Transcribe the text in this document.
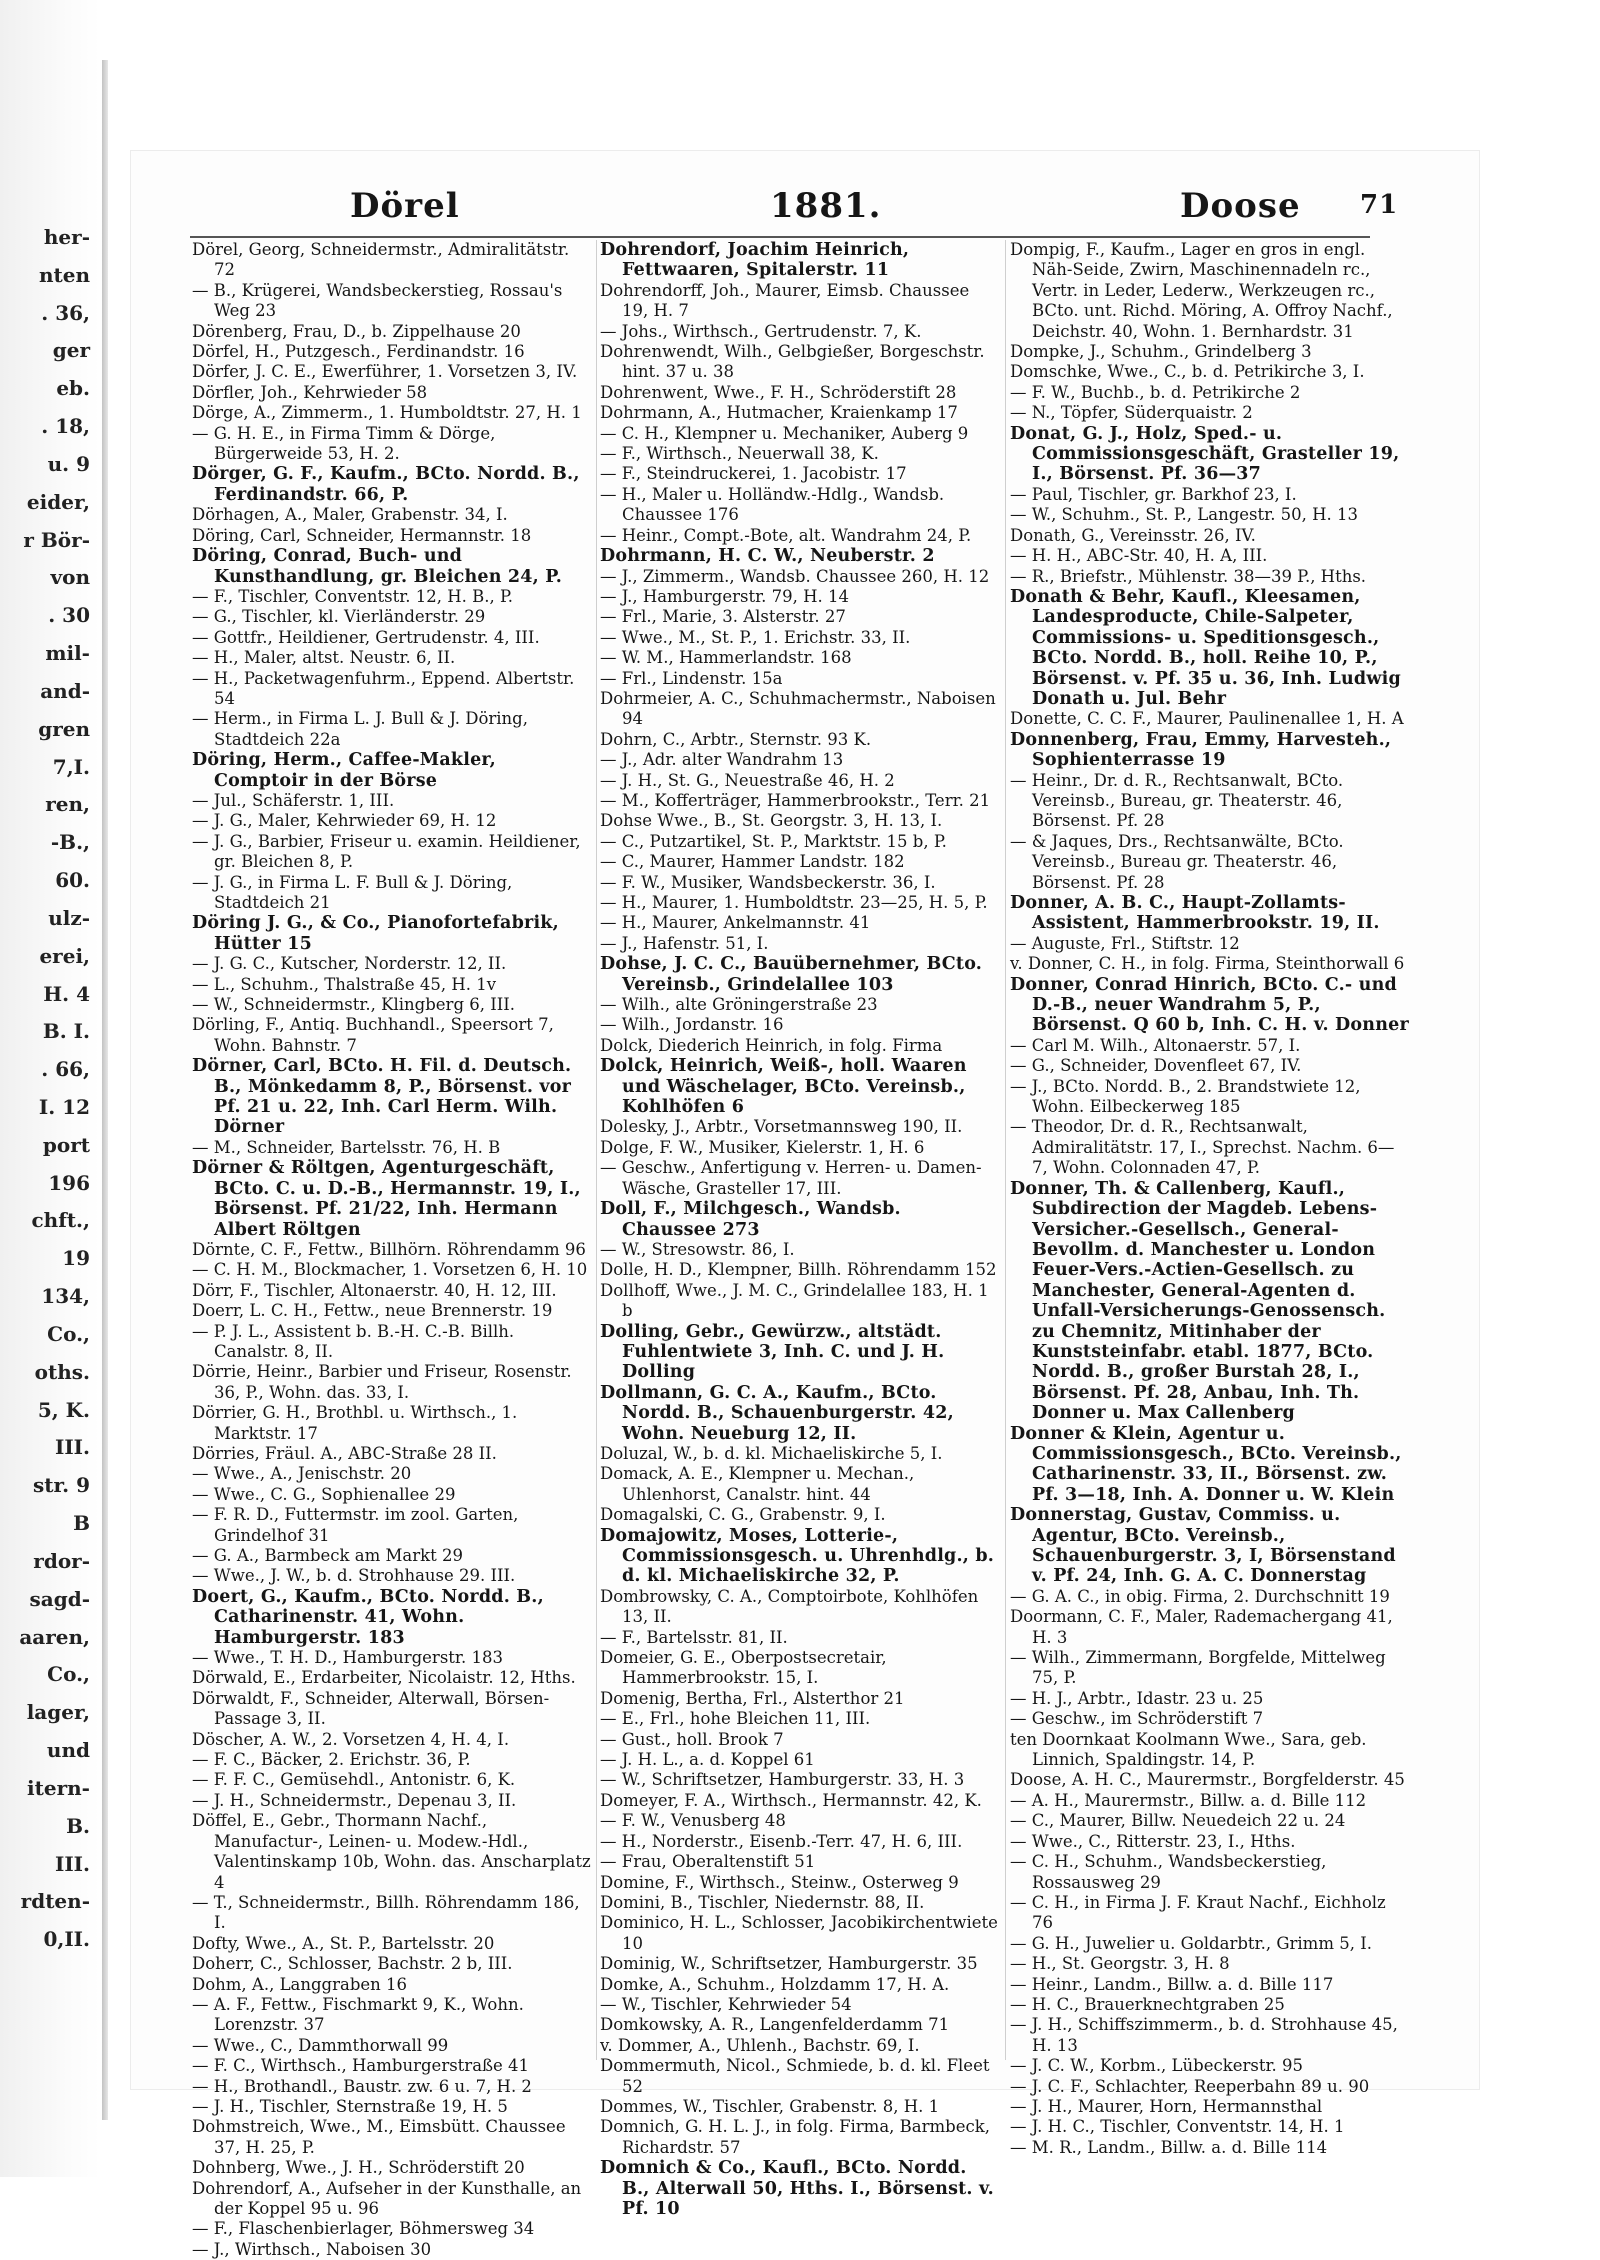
her-
nten
. 36,
ger
eb.
. 18,
u. 9
eider,
r Bör-
von
. 30
mil-
and-
gren
7,I.
ren,
-B.,
60.
ulz-
erei,
H. 4
B. I.
. 66,
I. 12
port
196
chft.,
19
134,
Co.,
oths.
5, K.
III.
str. 9
B
rdor-
sagd-
aaren,
Co.,
lager,
und
itern-
B.
III.
rdten-
0,II.
Dörel	1881.	Doose 71
Dörel, Georg, Schneidermstr., Admiralitätstr. 72
— B., Krügerei, Wandsbeckerstieg, Rossau's Weg 23
Dörenberg, Frau, D., b. Zippelhause 20
Dörfel, H., Putzgesch., Ferdinandstr. 16
Dörfer, J. C. E., Ewerführer, 1. Vorsetzen 3, IV.
Dörfler, Joh., Kehrwieder 58
Dörge, A., Zimmerm., 1. Humboldtstr. 27, H. 1
— G. H. E., in Firma Timm & Dörge, Bürgerweide 53, H. 2.
Dörger, G. F., Kaufm., BCto. Nordd. B., Ferdinandstr. 66, P.
Dörhagen, A., Maler, Grabenstr. 34, I.
Döring, Carl, Schneider, Hermannstr. 18
Döring, Conrad, Buch- und Kunsthandlung, gr. Bleichen 24, P.
— F., Tischler, Conventstr. 12, H. B., P.
— G., Tischler, kl. Vierländerstr. 29
— Gottfr., Heildiener, Gertrudenstr. 4, III.
— H., Maler, altst. Neustr. 6, II.
— H., Packetwagenfuhrm., Eppend. Albertstr. 54
— Herm., in Firma L. J. Bull & J. Döring, Stadtdeich 22a
Döring, Herm., Caffee-Makler, Comptoir in der Börse
— Jul., Schäferstr. 1, III.
— J. G., Maler, Kehrwieder 69, H. 12
— J. G., Barbier, Friseur u. examin. Heildiener, gr. Bleichen 8, P.
— J. G., in Firma L. F. Bull & J. Döring, Stadtdeich 21
Döring J. G., & Co., Pianofortefabrik, Hütter 15
— J. G. C., Kutscher, Norderstr. 12, II.
— L., Schuhm., Thalstraße 45, H. 1v
— W., Schneidermstr., Klingberg 6, III.
Dörling, F., Antiq. Buchhandl., Speersort 7, Wohn. Bahnstr. 7
Dörner, Carl, BCto. H. Fil. d. Deutsch. B., Mönkedamm 8, P., Börsenst. vor Pf. 21 u. 22, Inh. Carl Herm. Wilh. Dörner
— M., Schneider, Bartelsstr. 76, H. B
Dörner & Röltgen, Agenturgeschäft, BCto. C. u. D.-B., Hermannstr. 19, I., Börsenst. Pf. 21/22, Inh. Hermann Albert Röltgen
Dörnte, C. F., Fettw., Billhörn. Röhrendamm 96
— C. H. M., Blockmacher, 1. Vorsetzen 6, H. 10
Dörr, F., Tischler, Altonaerstr. 40, H. 12, III.
Doerr, L. C. H., Fettw., neue Brennerstr. 19
— P. J. L., Assistent b. B.-H. C.-B. Billh. Canalstr. 8, II.
Dörrie, Heinr., Barbier und Friseur, Rosenstr. 36, P., Wohn. das. 33, I.
Dörrier, G. H., Brothbl. u. Wirthsch., 1. Marktstr. 17
Dörries, Fräul. A., ABC-Straße 28 II.
— Wwe., A., Jenischstr. 20
— Wwe., C. G., Sophienallee 29
— F. R. D., Futtermstr. im zool. Garten, Grindelhof 31
— G. A., Barmbeck am Markt 29
— Wwe., J. W., b. d. Strohhause 29. III.
Doert, G., Kaufm., BCto. Nordd. B., Catharinenstr. 41, Wohn. Hamburgerstr. 183
— Wwe., T. H. D., Hamburgerstr. 183
Dörwald, E., Erdarbeiter, Nicolaistr. 12, Hths.
Dörwaldt, F., Schneider, Alterwall, Börsen-Passage 3, II.
Döscher, A. W., 2. Vorsetzen 4, H. 4, I.
— F. C., Bäcker, 2. Erichstr. 36, P.
— F. F. C., Gemüsehdl., Antonistr. 6, K.
— J. H., Schneidermstr., Depenau 3, II.
Döffel, E., Gebr., Thormann Nachf., Manufactur-, Leinen- u. Modew.-Hdl., Valentinskamp 10b, Wohn. das. Anscharplatz 4
— T., Schneidermstr., Billh. Röhrendamm 186, I.
Dofty, Wwe., A., St. P., Bartelsstr. 20
Doherr, C., Schlosser, Bachstr. 2 b, III.
Dohm, A., Langgraben 16
— A. F., Fettw., Fischmarkt 9, K., Wohn. Lorenzstr. 37
— Wwe., C., Dammthorwall 99
— F. C., Wirthsch., Hamburgerstraße 41
— H., Brothandl., Baustr. zw. 6 u. 7, H. 2
— J. H., Tischler, Sternstraße 19, H. 5
Dohmstreich, Wwe., M., Eimsbütt. Chaussee 37, H. 25, P.
Dohnberg, Wwe., J. H., Schröderstift 20
Dohrendorf, A., Aufseher in der Kunsthalle, an der Koppel 95 u. 96
— F., Flaschenbierlager, Böhmersweg 34
— J., Wirthsch., Naboisen 30
Dohrendorf, Joachim Heinrich, Fettwaaren, Spitalerstr. 11
Dohrendorff, Joh., Maurer, Eimsb. Chaussee 19, H. 7
— Johs., Wirthsch., Gertrudenstr. 7, K.
Dohrenwendt, Wilh., Gelbgießer, Borgeschstr. hint. 37 u. 38
Dohrenwent, Wwe., F. H., Schröderstift 28
Dohrmann, A., Hutmacher, Kraienkamp 17
— C. H., Klempner u. Mechaniker, Auberg 9
— F., Wirthsch., Neuerwall 38, K.
— F., Steindruckerei, 1. Jacobistr. 17
— H., Maler u. Holländw.-Hdlg., Wandsb. Chaussee 176
— Heinr., Compt.-Bote, alt. Wandrahm 24, P.
Dohrmann, H. C. W., Neuberstr. 2
— J., Zimmerm., Wandsb. Chaussee 260, H. 12
— J., Hamburgerstr. 79, H. 14
— Frl., Marie, 3. Alsterstr. 27
— Wwe., M., St. P., 1. Erichstr. 33, II.
— W. M., Hammerlandstr. 168
— Frl., Lindenstr. 15a
Dohrmeier, A. C., Schuhmachermstr., Naboisen 94
Dohrn, C., Arbtr., Sternstr. 93 K.
— J., Adr. alter Wandrahm 13
— J. H., St. G., Neuestraße 46, H. 2
— M., Kofferträger, Hammerbrookstr., Terr. 21
Dohse Wwe., B., St. Georgstr. 3, H. 13, I.
— C., Putzartikel, St. P., Marktstr. 15 b, P.
— C., Maurer, Hammer Landstr. 182
— F. W., Musiker, Wandsbeckerstr. 36, I.
— H., Maurer, 1. Humboldtstr. 23—25, H. 5, P.
— H., Maurer, Ankelmannstr. 41
— J., Hafenstr. 51, I.
Dohse, J. C. C., Bauübernehmer, BCto. Vereinsb., Grindelallee 103
— Wilh., alte Gröningerstraße 23
— Wilh., Jordanstr. 16
Dolck, Diederich Heinrich, in folg. Firma
Dolck, Heinrich, Weiß-, holl. Waaren und Wäschelager, BCto. Vereinsb., Kohlhöfen 6
Dolesky, J., Arbtr., Vorsetmannsweg 190, II.
Dolge, F. W., Musiker, Kielerstr. 1, H. 6
— Geschw., Anfertigung v. Herren- u. Damen-Wäsche, Grasteller 17, III.
Doll, F., Milchgesch., Wandsb. Chaussee 273
— W., Stresowstr. 86, I.
Dolle, H. D., Klempner, Billh. Röhrendamm 152
Dollhoff, Wwe., J. M. C., Grindelallee 183, H. 1 b
Dolling, Gebr., Gewürzw., altstädt. Fuhlentwiete 3, Inh. C. und J. H. Dolling
Dollmann, G. C. A., Kaufm., BCto. Nordd. B., Schauenburgerstr. 42, Wohn. Neueburg 12, II.
Doluzal, W., b. d. kl. Michaeliskirche 5, I.
Domack, A. E., Klempner u. Mechan., Uhlenhorst, Canalstr. hint. 44
Domagalski, C. G., Grabenstr. 9, I.
Domajowitz, Moses, Lotterie-, Commissionsgesch. u. Uhrenhdlg., b. d. kl. Michaeliskirche 32, P.
Dombrowsky, C. A., Comptoirbote, Kohlhöfen 13, II.
— F., Bartelsstr. 81, II.
Domeier, G. E., Oberpostsecretair, Hammerbrookstr. 15, I.
Domenig, Bertha, Frl., Alsterthor 21
— E., Frl., hohe Bleichen 11, III.
— Gust., holl. Brook 7
— J. H. L., a. d. Koppel 61
— W., Schriftsetzer, Hamburgerstr. 33, H. 3
Domeyer, F. A., Wirthsch., Hermannstr. 42, K.
— F. W., Venusberg 48
— H., Norderstr., Eisenb.-Terr. 47, H. 6, III.
— Frau, Oberaltenstift 51
Domine, F., Wirthsch., Steinw., Osterweg 9
Domini, B., Tischler, Niedernstr. 88, II.
Dominico, H. L., Schlosser, Jacobikirchentwiete 10
Dominig, W., Schriftsetzer, Hamburgerstr. 35
Domke, A., Schuhm., Holzdamm 17, H. A.
— W., Tischler, Kehrwieder 54
Domkowsky, A. R., Langenfelderdamm 71
v. Dommer, A., Uhlenh., Bachstr. 69, I.
Dommermuth, Nicol., Schmiede, b. d. kl. Fleet 52
Dommes, W., Tischler, Grabenstr. 8, H. 1
Domnich, G. H. L. J., in folg. Firma, Barmbeck, Richardstr. 57
Domnich & Co., Kaufl., BCto. Nordd. B., Alterwall 50, Hths. I., Börsenst. v. Pf. 10
Dompig, F., Kaufm., Lager en gros in engl. Näh-Seide, Zwirn, Maschinennadeln rc., Vertr. in Leder, Lederw., Werkzeugen rc., BCto. unt. Richd. Möring, A. Offroy Nachf., Deichstr. 40, Wohn. 1. Bernhardstr. 31
Dompke, J., Schuhm., Grindelberg 3
Domschke, Wwe., C., b. d. Petrikirche 3, I.
— F. W., Buchb., b. d. Petrikirche 2
— N., Töpfer, Süderquaistr. 2
Donat, G. J., Holz, Sped.- u. Commissionsgeschäft, Grasteller 19, I., Börsenst. Pf. 36—37
— Paul, Tischler, gr. Barkhof 23, I.
— W., Schuhm., St. P., Langestr. 50, H. 13
Donath, G., Vereinsstr. 26, IV.
— H. H., ABC-Str. 40, H. A, III.
— R., Briefstr., Mühlenstr. 38—39 P., Hths.
Donath & Behr, Kaufl., Kleesamen, Landesproducte, Chile-Salpeter, Commissions- u. Speditionsgesch., BCto. Nordd. B., holl. Reihe 10, P., Börsenst. v. Pf. 35 u. 36, Inh. Ludwig Donath u. Jul. Behr
Donette, C. C. F., Maurer, Paulinenallee 1, H. A
Donnenberg, Frau, Emmy, Harvesteh., Sophienterrasse 19
— Heinr., Dr. d. R., Rechtsanwalt, BCto. Vereinsb., Bureau, gr. Theaterstr. 46, Börsenst. Pf. 28
— & Jaques, Drs., Rechtsanwälte, BCto. Vereinsb., Bureau gr. Theaterstr. 46, Börsenst. Pf. 28
Donner, A. B. C., Haupt-Zollamts-Assistent, Hammerbrookstr. 19, II.
— Auguste, Frl., Stiftstr. 12
v. Donner, C. H., in folg. Firma, Steinthorwall 6
Donner, Conrad Hinrich, BCto. C.- und D.-B., neuer Wandrahm 5, P., Börsenst. Q 60 b, Inh. C. H. v. Donner
— Carl M. Wilh., Altonaerstr. 57, I.
— G., Schneider, Dovenfleet 67, IV.
— J., BCto. Nordd. B., 2. Brandstwiete 12, Wohn. Eilbeckerweg 185
— Theodor, Dr. d. R., Rechtsanwalt, Admiralitätstr. 17, I., Sprechst. Nachm. 6—7, Wohn. Colonnaden 47, P.
Donner, Th. & Callenberg, Kaufl., Subdirection der Magdeb. Lebens-Versicher.-Gesellsch., General-Bevollm. d. Manchester u. London Feuer-Vers.-Actien-Gesellsch. zu Manchester, General-Agenten d. Unfall-Versicherungs-Genossensch. zu Chemnitz, Mitinhaber der Kunststeinfabr. etabl. 1877, BCto. Nordd. B., großer Burstah 28, I., Börsenst. Pf. 28, Anbau, Inh. Th. Donner u. Max Callenberg
Donner & Klein, Agentur u. Commissionsgesch., BCto. Vereinsb., Catharinenstr. 33, II., Börsenst. zw. Pf. 3—18, Inh. A. Donner u. W. Klein
Donnerstag, Gustav, Commiss. u. Agentur, BCto. Vereinsb., Schauenburgerstr. 3, I, Börsenstand v. Pf. 24, Inh. G. A. C. Donnerstag
— G. A. C., in obig. Firma, 2. Durchschnitt 19
Doormann, C. F., Maler, Rademachergang 41, H. 3
— Wilh., Zimmermann, Borgfelde, Mittelweg 75, P.
— H. J., Arbtr., Idastr. 23 u. 25
— Geschw., im Schröderstift 7
ten Doornkaat Koolmann Wwe., Sara, geb. Linnich, Spaldingstr. 14, P.
Doose, A. H. C., Maurermstr., Borgfelderstr. 45
— A. H., Maurermstr., Billw. a. d. Bille 112
— C., Maurer, Billw. Neuedeich 22 u. 24
— Wwe., C., Ritterstr. 23, I., Hths.
— C. H., Schuhm., Wandsbeckerstieg, Rossausweg 29
— C. H., in Firma J. F. Kraut Nachf., Eichholz 76
— G. H., Juwelier u. Goldarbtr., Grimm 5, I.
— H., St. Georgstr. 3, H. 8
— Heinr., Landm., Billw. a. d. Bille 117
— H. C., Brauerknechtgraben 25
— J. H., Schiffszimmerm., b. d. Strohhause 45, H. 13
— J. C. W., Korbm., Lübeckerstr. 95
— J. C. F., Schlachter, Reeperbahn 89 u. 90
— J. H., Maurer, Horn, Hermannsthal
— J. H. C., Tischler, Conventstr. 14, H. 1
— M. R., Landm., Billw. a. d. Bille 114
